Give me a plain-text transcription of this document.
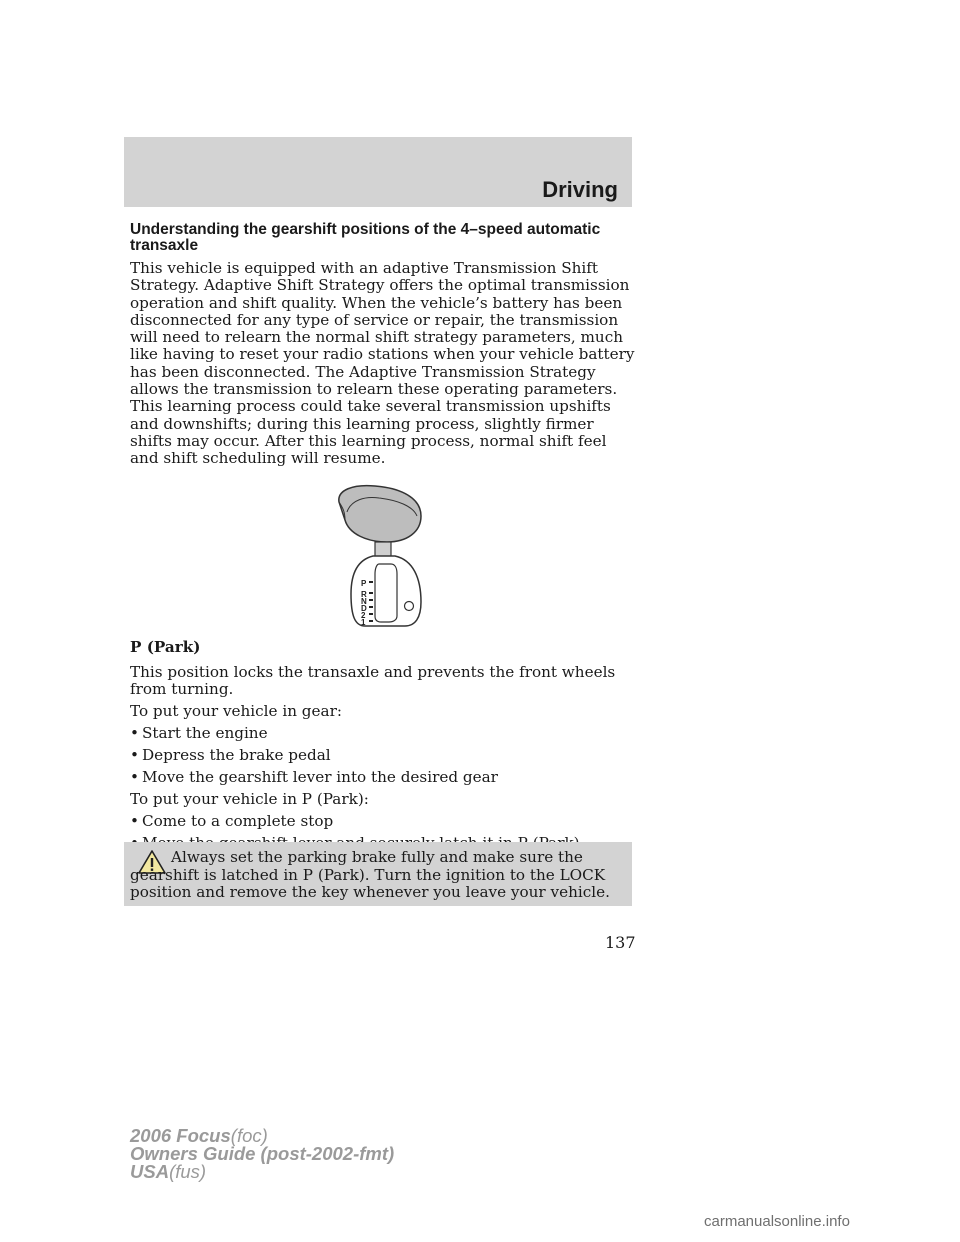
Driving
Understanding the gearshift positions of the 4–speed automatic transaxle

This vehicle is equipped with an adaptive Transmission Shift Strategy. Adaptive Shift Strategy offers the optimal transmission operation and shift quality. When the vehicle’s battery has been disconnected for any type of service or repair, the transmission will need to relearn the normal shift strategy parameters, much like having to reset your radio stations when your vehicle battery has been disconnected. The Adaptive Transmission Strategy allows the transmission to relearn these operating parameters. This learning process could take several transmission upshifts and downshifts; during this learning process, slightly firmer shifts may occur. After this learning process, normal shift feel and shift scheduling will resume.

P
R
N
D
2
1
P (Park)

This position locks the transaxle and prevents the front wheels from turning.

To put your vehicle in gear:

• Start the engine
• Depress the brake pedal
• Move the gearshift lever into the desired gear

To put your vehicle in P (Park):

• Come to a complete stop

Always set the parking brake fully and make sure the gearshift is latched in P (Park). Turn the ignition to the LOCK position and remove the key whenever you leave your vehicle.

137
2006 Focus(foc)
Owners Guide (post-2002-fmt)
USA(fus)
carmanualsonline.info
